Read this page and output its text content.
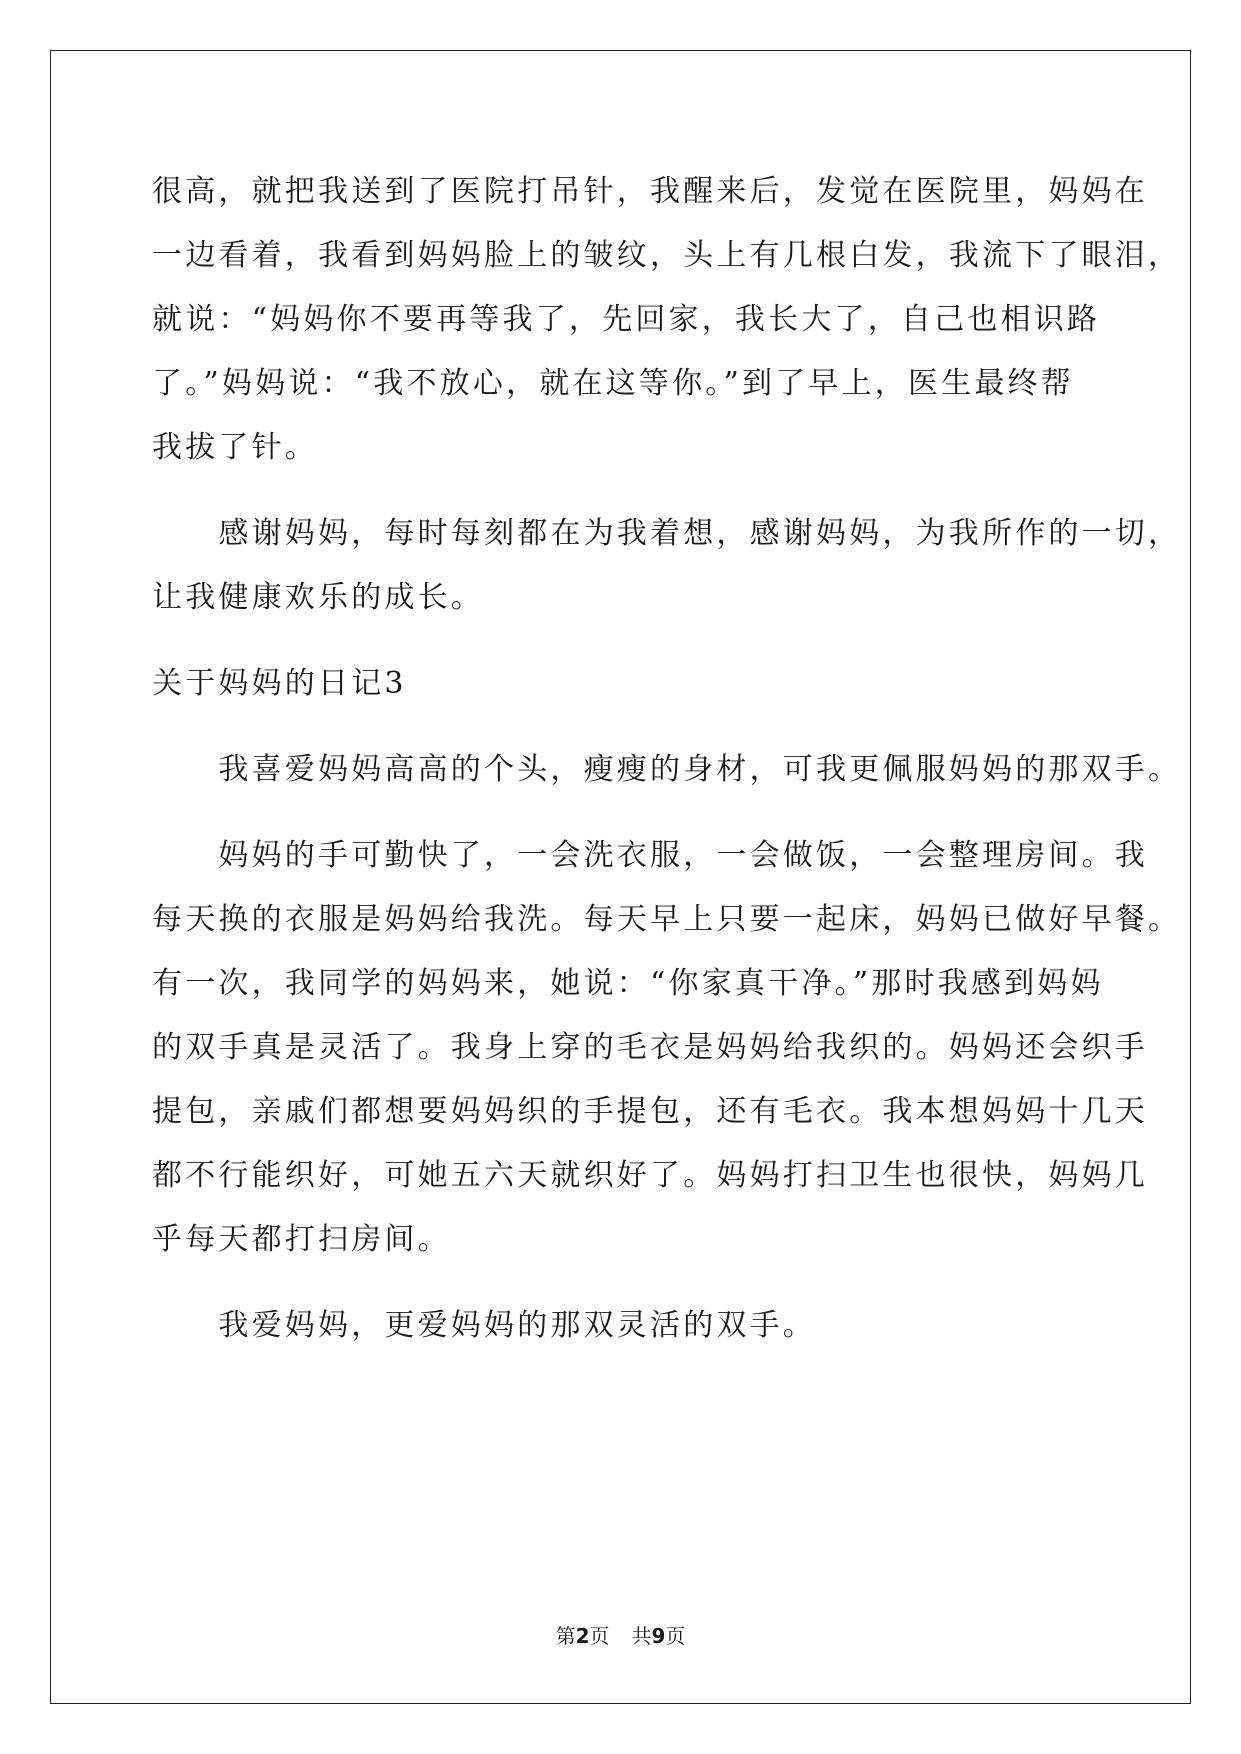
很高，就把我送到了医院打吊针，我醒来后，发觉在医院里，妈妈在
一边看着，我看到妈妈脸上的皱纹，头上有几根白发，我流下了眼泪，
就说：“妈妈你不要再等我了，先回家，我长大了，自己也相识路
了。”妈妈说：“我不放心，就在这等你。”到了早上，医生最终帮
我拔了针。
　　感谢妈妈，每时每刻都在为我着想，感谢妈妈，为我所作的一切，
让我健康欢乐的成长。
关于妈妈的日记3
　　我喜爱妈妈高高的个头，瘦瘦的身材，可我更佩服妈妈的那双手。
　　妈妈的手可勤快了，一会洗衣服，一会做饭，一会整理房间。我
每天换的衣服是妈妈给我洗。每天早上只要一起床，妈妈已做好早餐。
有一次，我同学的妈妈来，她说：“你家真干净。”那时我感到妈妈
的双手真是灵活了。我身上穿的毛衣是妈妈给我织的。妈妈还会织手
提包，亲戚们都想要妈妈织的手提包，还有毛衣。我本想妈妈十几天
都不行能织好，可她五六天就织好了。妈妈打扫卫生也很快，妈妈几
乎每天都打扫房间。
　　我爱妈妈，更爱妈妈的那双灵活的双手。
第2页 共9页
